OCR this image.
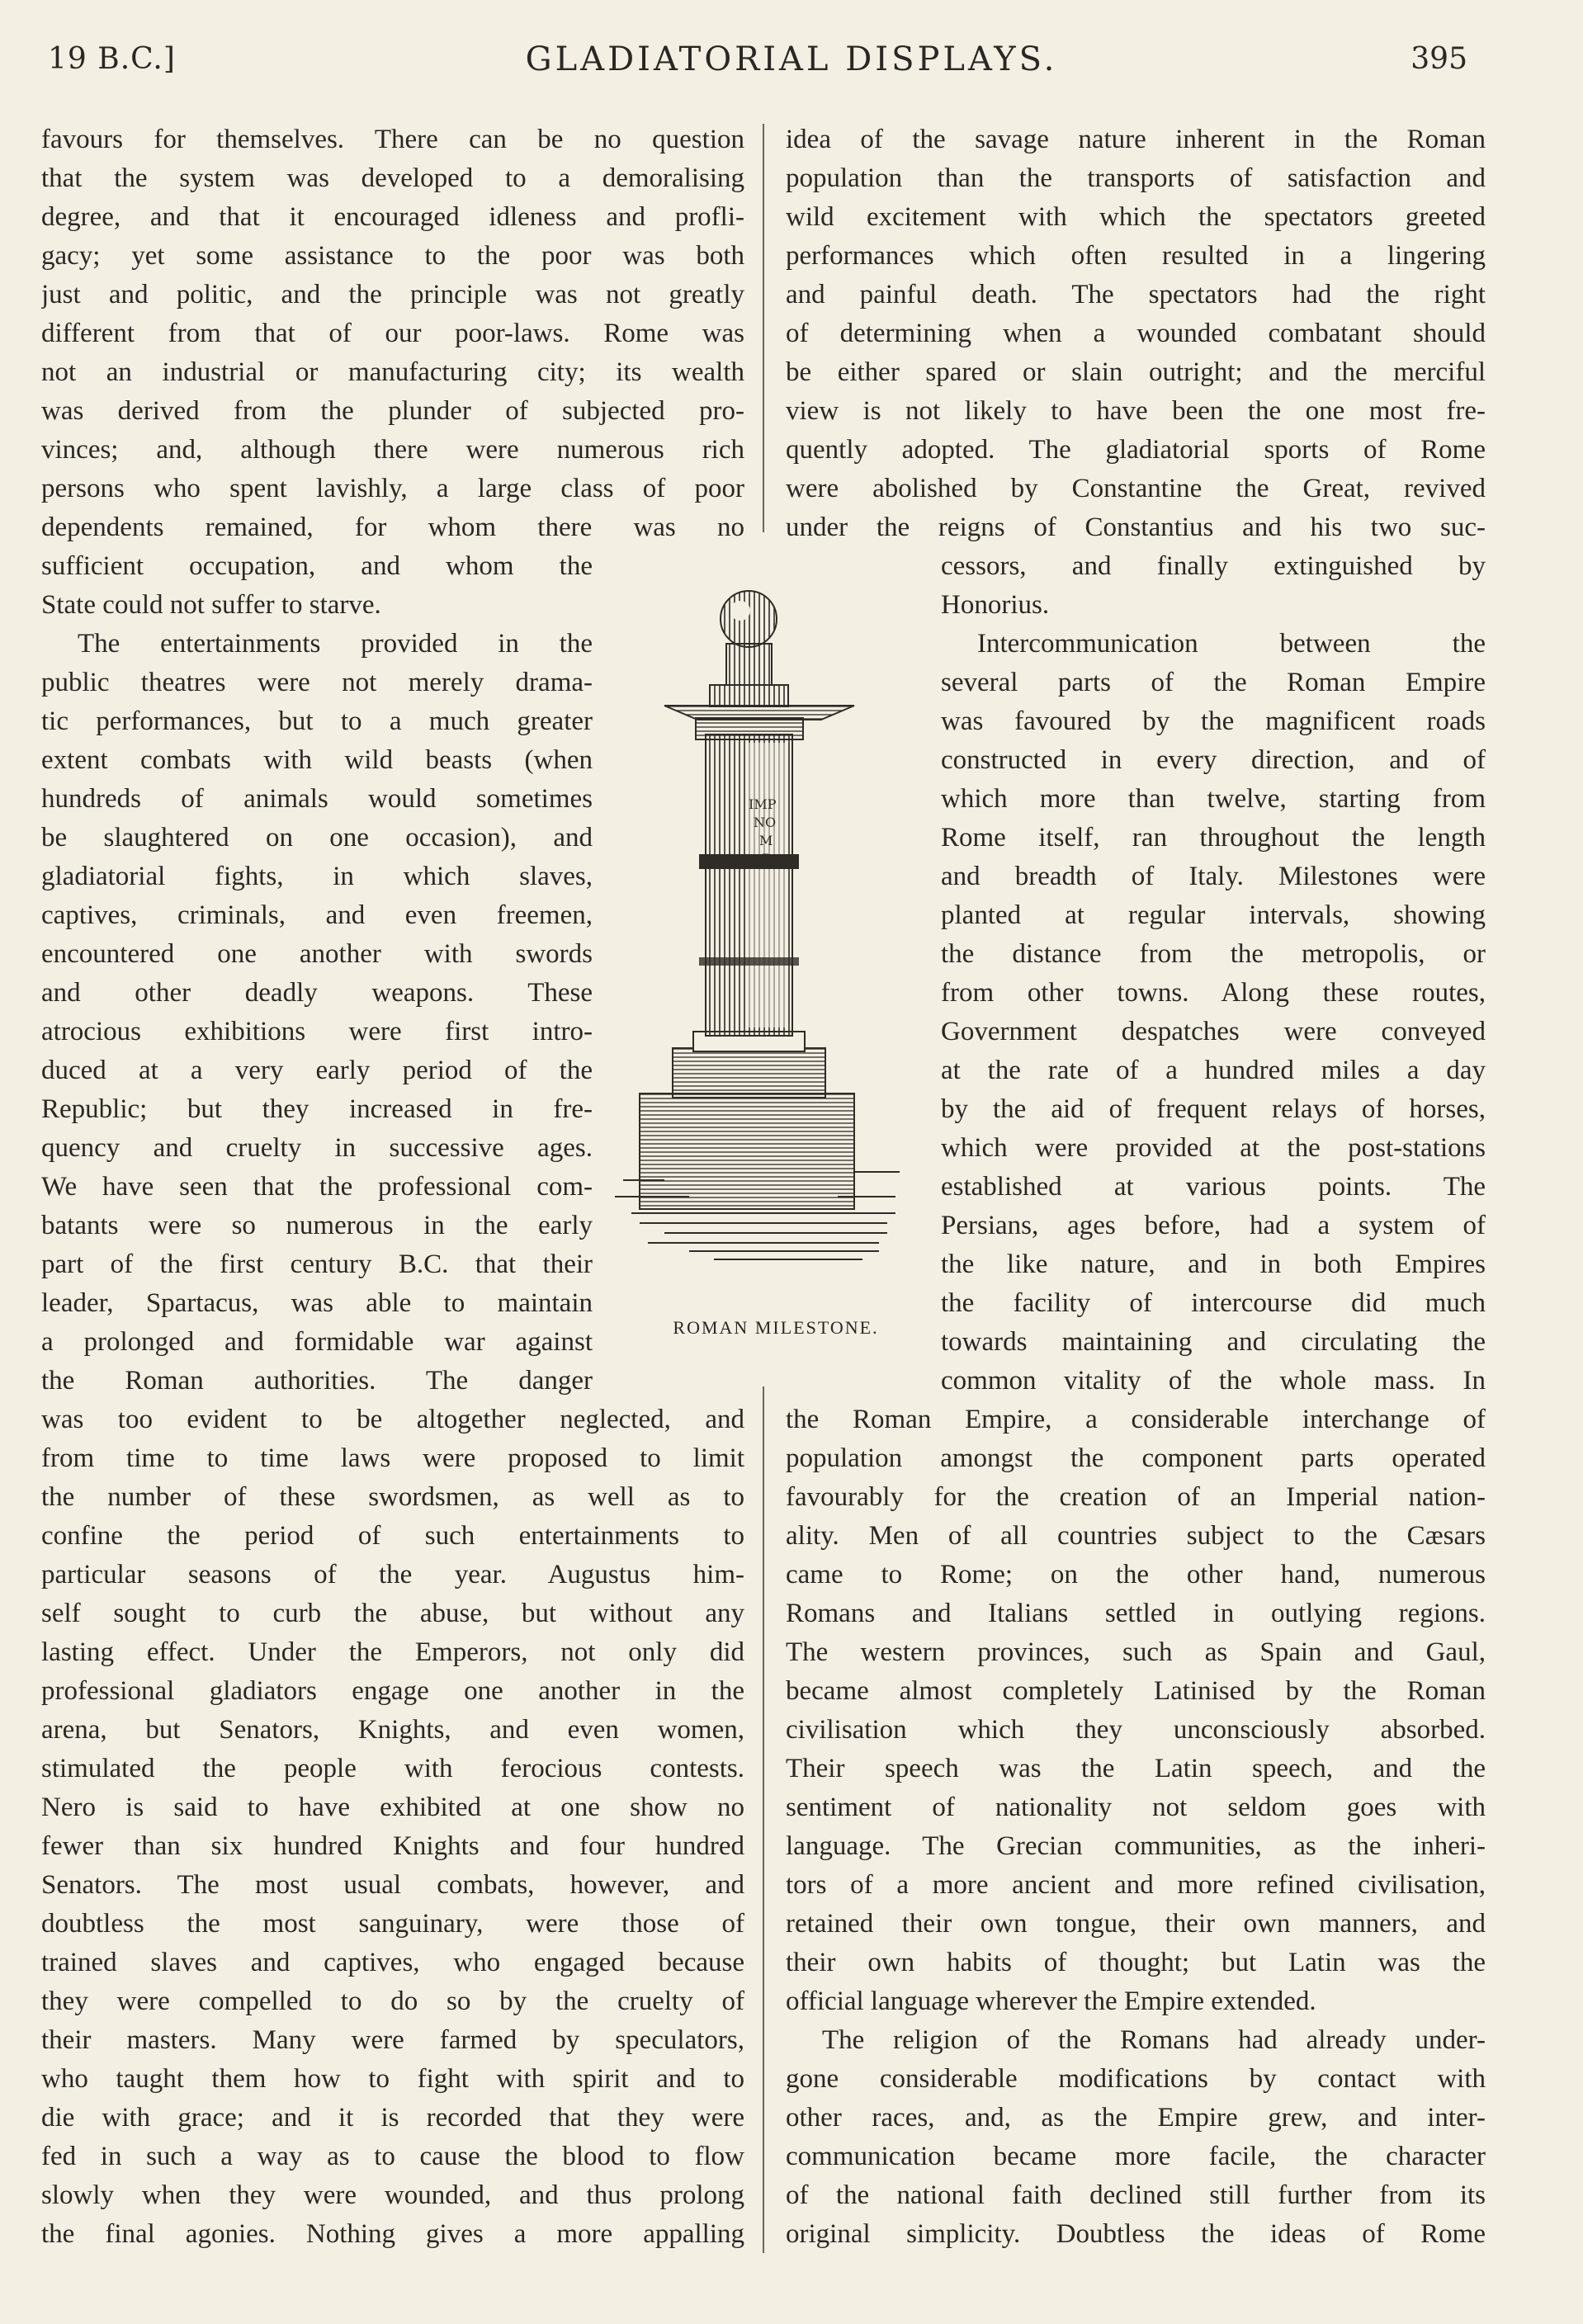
19 B.C.]	GLADIATORIAL DISPLAYS.	395
favours for themselves. There can be no question
that the system was developed to a demoralising
degree, and that it encouraged idleness and profli-
gacy; yet some assistance to the poor was both
just and politic, and the principle was not greatly
different from that of our poor-laws. Rome was
not an industrial or manufacturing city; its wealth
was derived from the plunder of subjected pro-
vinces; and, although there were numerous rich
persons who spent lavishly, a large class of poor
dependents remained, for whom there was no
sufficient occupation, and whom the
State could not suffer to starve.
The entertainments provided in the
public theatres were not merely drama-
tic performances, but to a much greater
extent combats with wild beasts (when
hundreds of animals would sometimes
be slaughtered on one occasion), and
gladiatorial fights, in which slaves,
captives, criminals, and even freemen,
encountered one another with swords
and other deadly weapons. These
atrocious exhibitions were first intro-
duced at a very early period of the
Republic; but they increased in fre-
quency and cruelty in successive ages.
We have seen that the professional com-
batants were so numerous in the early
part of the first century B.C. that their
leader, Spartacus, was able to maintain
a prolonged and formidable war against
the Roman authorities. The danger
was too evident to be altogether neglected, and
from time to time laws were proposed to limit
the number of these swordsmen, as well as to
confine the period of such entertainments to
particular seasons of the year. Augustus him-
self sought to curb the abuse, but without any
lasting effect. Under the Emperors, not only did
professional gladiators engage one another in the
arena, but Senators, Knights, and even women,
stimulated the people with ferocious contests.
Nero is said to have exhibited at one show no
fewer than six hundred Knights and four hundred
Senators. The most usual combats, however, and
doubtless the most sanguinary, were those of
trained slaves and captives, who engaged because
they were compelled to do so by the cruelty of
their masters. Many were farmed by speculators,
who taught them how to fight with spirit and to
die with grace; and it is recorded that they were
fed in such a way as to cause the blood to flow
slowly when they were wounded, and thus prolong
the final agonies. Nothing gives a more appalling
idea of the savage nature inherent in the Roman
population than the transports of satisfaction and
wild excitement with which the spectators greeted
performances which often resulted in a lingering
and painful death. The spectators had the right
of determining when a wounded combatant should
be either spared or slain outright; and the merciful
view is not likely to have been the one most fre-
quently adopted. The gladiatorial sports of Rome
were abolished by Constantine the Great, revived
under the reigns of Constantius and his two suc-
cessors, and finally extinguished by
Honorius.
Intercommunication between the
several parts of the Roman Empire
was favoured by the magnificent roads
constructed in every direction, and of
which more than twelve, starting from
Rome itself, ran throughout the length
and breadth of Italy. Milestones were
planted at regular intervals, showing
the distance from the metropolis, or
from other towns. Along these routes,
Government despatches were conveyed
at the rate of a hundred miles a day
by the aid of frequent relays of horses,
which were provided at the post-stations
established at various points. The
Persians, ages before, had a system of
the like nature, and in both Empires
the facility of intercourse did much
towards maintaining and circulating the
common vitality of the whole mass. In
the Roman Empire, a considerable interchange of
population amongst the component parts operated
favourably for the creation of an Imperial nation-
ality. Men of all countries subject to the Cæsars
came to Rome; on the other hand, numerous
Romans and Italians settled in outlying regions.
The western provinces, such as Spain and Gaul,
became almost completely Latinised by the Roman
civilisation which they unconsciously absorbed.
Their speech was the Latin speech, and the
sentiment of nationality not seldom goes with
language. The Grecian communities, as the inheri-
tors of a more ancient and more refined civilisation,
retained their own tongue, their own manners, and
their own habits of thought; but Latin was the
official language wherever the Empire extended.
The religion of the Romans had already under-
gone considerable modifications by contact with
other races, and, as the Empire grew, and inter-
communication became more facile, the character
of the national faith declined still further from its
original simplicity. Doubtless the ideas of Rome
IMP
NO
M
ROMAN MILESTONE.
